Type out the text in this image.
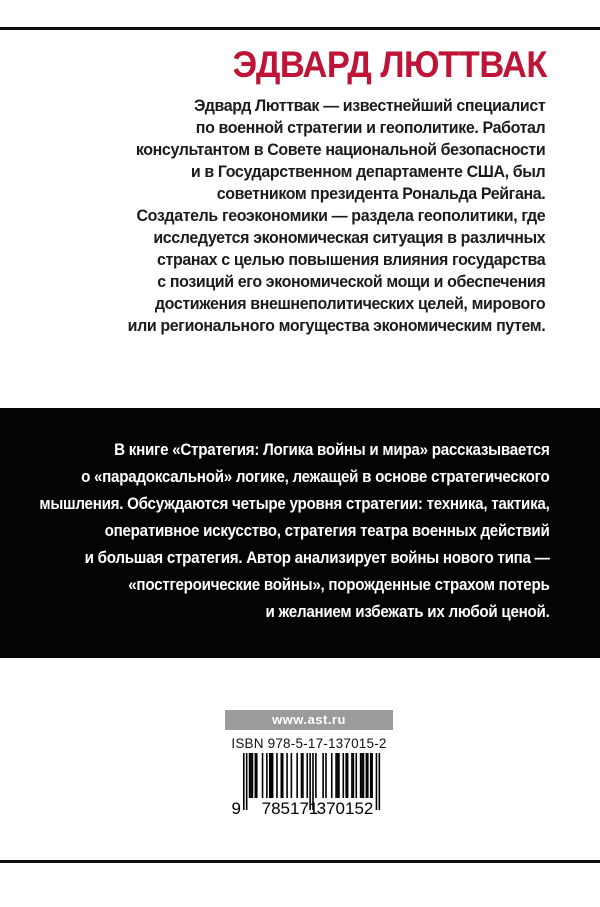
ЭДВАРД ЛЮТТВАК
Эдвард Люттвак — известнейший специалист
по военной стратегии и геополитике. Работал
консультантом в Совете национальной безопасности
и в Государственном департаменте США, был
советником президента Рональда Рейгана.
Создатель геоэкономики — раздела геополитики, где
исследуется экономическая ситуация в различных
странах с целью повышения влияния государства
с позиций его экономической мощи и обеспечения
достижения внешнеполитических целей, мирового
или регионального могущества экономическим путем.
В книге «Стратегия: Логика войны и мира» рассказывается
о «парадоксальной» логике, лежащей в основе стратегического
мышления. Обсуждаются четыре уровня стратегии: техника, тактика,
оперативное искусство, стратегия театра военных действий
и большая стратегия. Автор анализирует войны нового типа —
«постгероические войны», порожденные страхом потерь
и желанием избежать их любой ценой.
www.ast.ru
ISBN 978-5-17-137015-2
9 785171
370152
